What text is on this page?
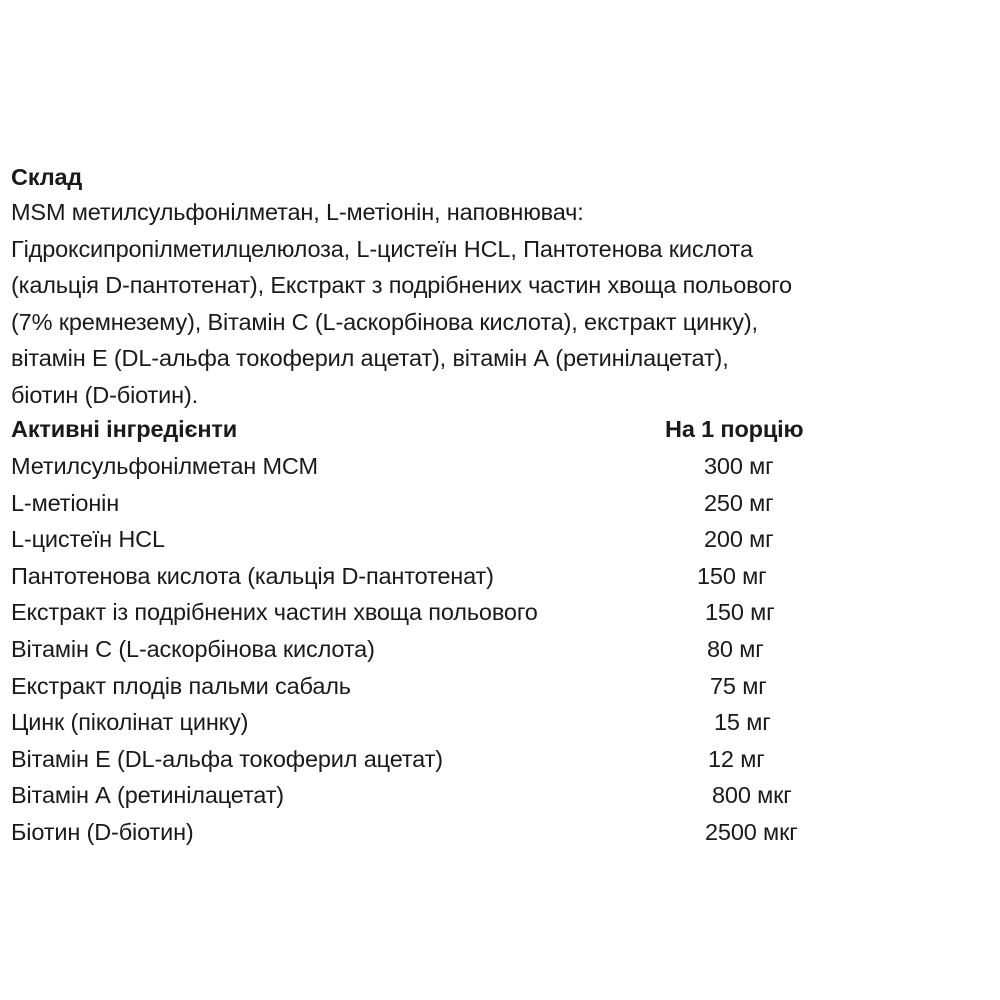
Склад
MSM метилсульфонілметан, L-метіонін, наповнювач:
Гідроксипропілметилцелюлоза, L-цистеїн HCL, Пантотенова кислота
(кальція D-пантотенат), Екстракт з подрібнених частин хвоща польового
(7% кремнезему), Вітамін С (L-аскорбінова кислота), екстракт цинку),
вітамін Е (DL-альфа токоферил ацетат), вітамін А (ретинілацетат),
біотин (D-біотин).
Активні інгредієнти	На 1 порцію
Метилсульфонілметан МСМ	300 мг
L-метіонін	250 мг
L-цистеїн HCL	200 мг
Пантотенова кислота (кальція D-пантотенат)	150 мг
Екстракт із подрібнених частин хвоща польового	150 мг
Вітамін С (L-аскорбінова кислота)	80 мг
Екстракт плодів пальми сабаль	75 мг
Цинк (піколінат цинку)	15 мг
Вітамін Е (DL-альфа токоферил ацетат)	12 мг
Вітамін А (ретинілацетат)	800 мкг
Біотин (D-біотин)	2500 мкг
